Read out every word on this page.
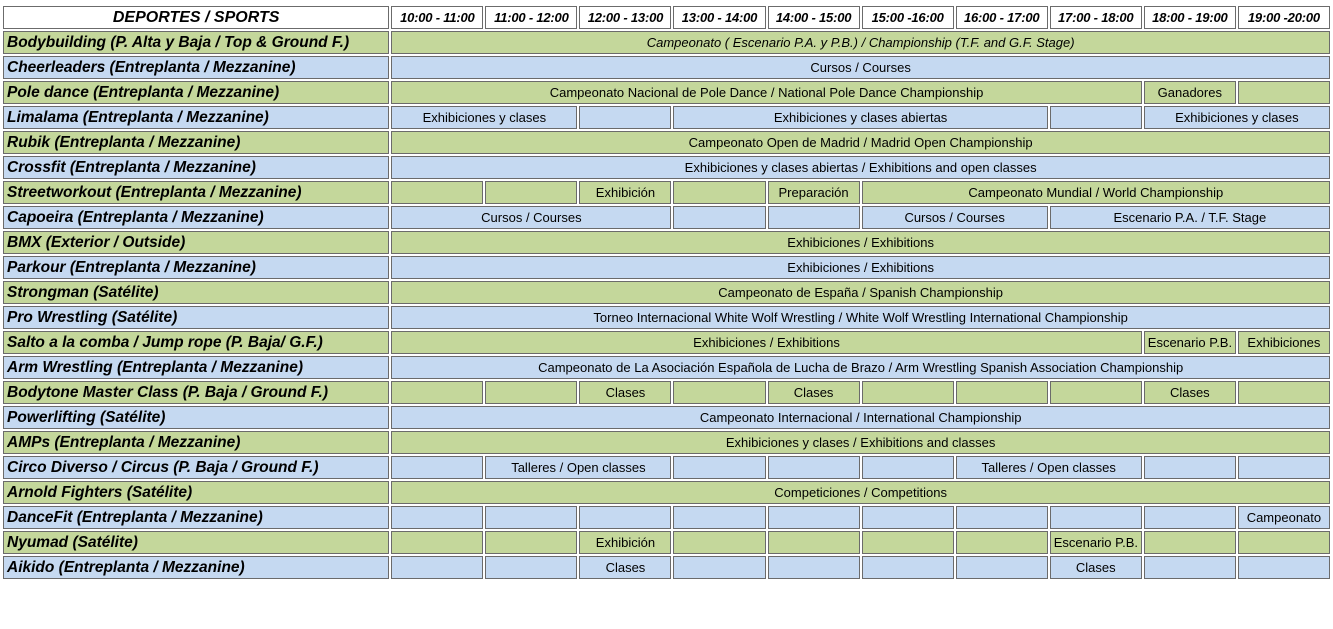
DEPORTES / SPORTS	10:00 - 11:00	11:00 - 12:00	12:00 - 13:00	13:00 - 14:00	14:00 - 15:00	15:00 -16:00	16:00 - 17:00	17:00 - 18:00	18:00 - 19:00	19:00 -20:00
Bodybuilding (P. Alta y Baja / Top & Ground F.)	Campeonato ( Escenario P.A. y P.B.) / Championship (T.F. and G.F. Stage)									
Cheerleaders (Entreplanta / Mezzanine)	Cursos / Courses									
Pole dance (Entreplanta / Mezzanine)	Campeonato Nacional de Pole Dance / National Pole Dance Championship								Ganadores	
Limalama (Entreplanta / Mezzanine)	Exhibiciones y clases			Exhibiciones y clases abiertas					Exhibiciones y clases	
Rubik (Entreplanta / Mezzanine)	Campeonato Open de Madrid / Madrid Open Championship									
Crossfit (Entreplanta / Mezzanine)	Exhibiciones y clases abiertas / Exhibitions and open classes									
Streetworkout (Entreplanta / Mezzanine)			Exhibición		Preparación	Campeonato Mundial / World Championship				
Capoeira (Entreplanta / Mezzanine)	Cursos / Courses					Cursos / Courses		Escenario P.A. / T.F. Stage		
BMX (Exterior / Outside)	Exhibiciones / Exhibitions									
Parkour (Entreplanta / Mezzanine)	Exhibiciones / Exhibitions									
Strongman (Satélite)	Campeonato de España / Spanish Championship									
Pro Wrestling (Satélite)	Torneo Internacional White Wolf Wrestling / White Wolf Wrestling International Championship									
Salto a la comba / Jump rope (P. Baja/ G.F.)	Exhibiciones / Exhibitions								Escenario P.B.	Exhibiciones
Arm Wrestling (Entreplanta / Mezzanine)	Campeonato de La Asociación Española de Lucha de Brazo / Arm Wrestling Spanish Association Championship									
Bodytone Master Class (P. Baja / Ground F.)			Clases		Clases				Clases	
Powerlifting (Satélite)	Campeonato Internacional / International Championship									
AMPs (Entreplanta / Mezzanine)	Exhibiciones y clases / Exhibitions and classes									
Circo Diverso / Circus (P. Baja / Ground F.)		Talleres / Open classes					Talleres / Open classes			
Arnold Fighters (Satélite)	Competiciones / Competitions									
DanceFit (Entreplanta / Mezzanine)										Campeonato
Nyumad (Satélite)			Exhibición					Escenario P.B.		
Aikido (Entreplanta / Mezzanine)			Clases					Clases		
